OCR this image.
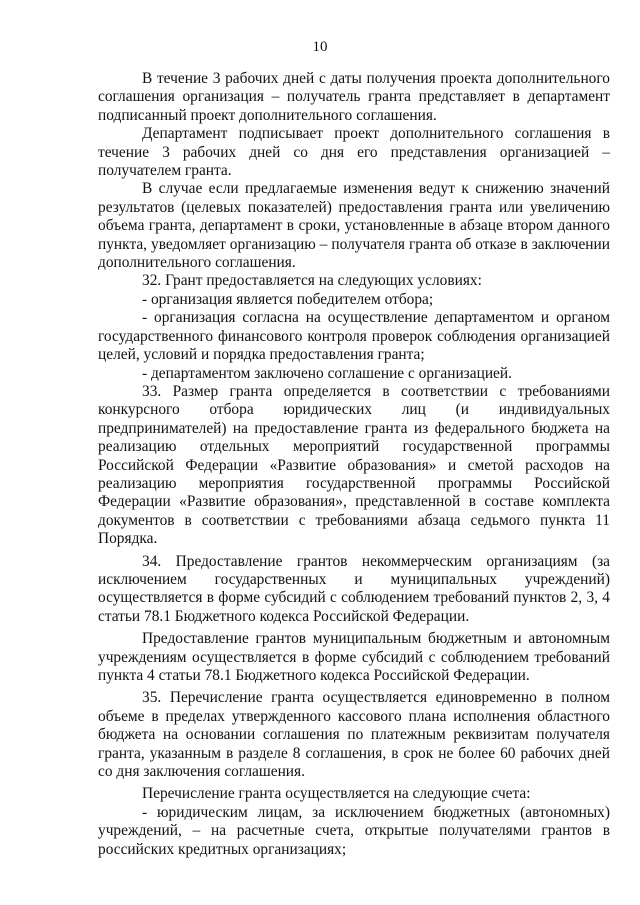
10

В течение 3 рабочих дней с даты получения проекта дополнительного соглашения организация – получатель гранта представляет в департамент подписанный проект дополнительного соглашения.

Департамент подписывает проект дополнительного соглашения в течение 3 рабочих дней со дня его представления организацией – получателем гранта.

В случае если предлагаемые изменения ведут к снижению значений результатов (целевых показателей) предоставления гранта или увеличению объема гранта, департамент в сроки, установленные в абзаце втором данного пункта, уведомляет организацию – получателя гранта об отказе в заключении дополнительного соглашения.

32. Грант предоставляется на следующих условиях:

- организация является победителем отбора;

- организация согласна на осуществление департаментом и органом государственного финансового контроля проверок соблюдения организацией целей, условий и порядка предоставления гранта;

- департаментом заключено соглашение с организацией.

33. Размер гранта определяется в соответствии с требованиями конкурсного отбора юридических лиц (и индивидуальных предпринимателей) на предоставление гранта из федерального бюджета на реализацию отдельных мероприятий государственной программы Российской Федерации «Развитие образования» и сметой расходов на реализацию мероприятия государственной программы Российской Федерации «Развитие образования», представленной в составе комплекта документов в соответствии с требованиями абзаца седьмого пункта 11 Порядка.

34. Предоставление грантов некоммерческим организациям (за исключением государственных и муниципальных учреждений) осуществляется в форме субсидий с соблюдением требований пунктов 2, 3, 4 статьи 78.1 Бюджетного кодекса Российской Федерации.

Предоставление грантов муниципальным бюджетным и автономным учреждениям осуществляется в форме субсидий с соблюдением требований пункта 4 статьи 78.1 Бюджетного кодекса Российской Федерации.

35. Перечисление гранта осуществляется единовременно в полном объеме в пределах утвержденного кассового плана исполнения областного бюджета на основании соглашения по платежным реквизитам получателя гранта, указанным в разделе 8 соглашения, в срок не более 60 рабочих дней со дня заключения соглашения.

Перечисление гранта осуществляется на следующие счета:

- юридическим лицам, за исключением бюджетных (автономных) учреждений, – на расчетные счета, открытые получателями грантов в российских кредитных организациях;
